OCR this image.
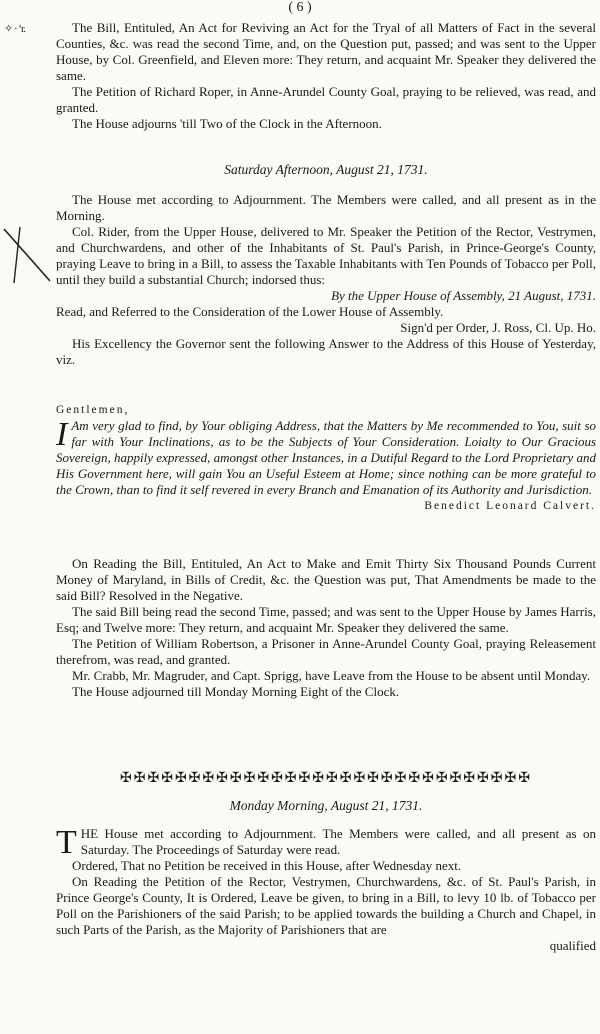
( 6 )
✧ · ‘r.	The Bill, Entituled, An Act for Reviving an Act for the Tryal of all Matters of Fact in the several Counties, &c. was read the second Time, and, on the Question put, passed; and was sent to the Upper House, by Col. Greenfield, and Eleven more: They return, and acquaint Mr. Speaker they delivered the same.

The Petition of Richard Roper, in Anne-Arundel County Goal, praying to be relieved, was read, and granted.

The House adjourns 'till Two of the Clock in the Afternoon.

Saturday Afternoon, August 21, 1731.

The House met according to Adjournment. The Members were called, and all present as in the Morning.

Col. Rider, from the Upper House, delivered to Mr. Speaker the Petition of the Rector, Vestrymen, and Churchwardens, and other of the Inhabitants of St. Paul's Parish, in Prince-George's County, praying Leave to bring in a Bill, to assess the Taxable Inhabitants with Ten Pounds of Tobacco per Poll, until they build a substantial Church; indorsed thus:

By the Upper House of Assembly, 21 August, 1731.

Read, and Referred to the Consideration of the Lower House of Assembly.

Sign'd per Order, J. Ross, Cl. Up. Ho.

His Excellency the Governor sent the following Answer to the Address of this House of Yesterday, viz.

Gentlemen,

I Am very glad to find, by Your obliging Address, that the Matters by Me recommended to You, suit so far with Your Inclinations, as to be the Subjects of Your Consideration. Loialty to Our Gracious Sovereign, happily expressed, amongst other Instances, in a Dutiful Regard to the Lord Proprietary and His Government here, will gain You an Useful Esteem at Home; since nothing can be more grateful to the Crown, than to find it self revered in every Branch and Emanation of its Authority and Jurisdiction.

Benedict Leonard Calvert.

On Reading the Bill, Entituled, An Act to Make and Emit Thirty Six Thousand Pounds Current Money of Maryland, in Bills of Credit, &c. the Question was put, That Amendments be made to the said Bill? Resolved in the Negative.

The said Bill being read the second Time, passed; and was sent to the Upper House by James Harris, Esq; and Twelve more: They return, and acquaint Mr. Speaker they delivered the same.

The Petition of William Robertson, a Prisoner in Anne-Arundel County Goal, praying Releasement therefrom, was read, and granted.

Mr. Crabb, Mr. Magruder, and Capt. Sprigg, have Leave from the House to be absent until Monday.

The House adjourned till Monday Morning Eight of the Clock.

✠✠✠✠✠✠✠✠✠✠✠✠✠✠✠✠✠✠✠✠✠✠✠✠✠✠✠✠✠✠
Monday Morning, August 21, 1731.

THE House met according to Adjournment. The Members were called, and all present as on Saturday. The Proceedings of Saturday were read.

Ordered, That no Petition be received in this House, after Wednesday next.

On Reading the Petition of the Rector, Vestrymen, Churchwardens, &c. of St. Paul's Parish, in Prince George's County, It is Ordered, Leave be given, to bring in a Bill, to levy 10 lb. of Tobacco per Poll on the Parishioners of the said Parish; to be applied towards the building a Church and Chapel, in such Parts of the Parish, as the Majority of Parishioners that are

qualified
